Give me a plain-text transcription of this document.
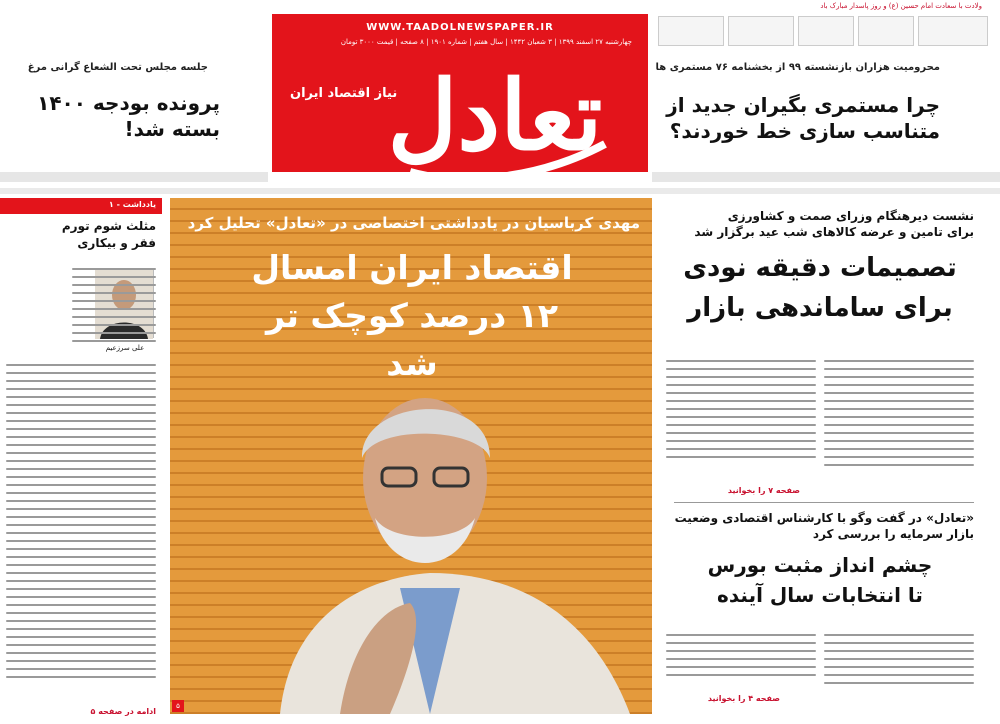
ولادت با سعادت امام حسین (ع) و روز پاسدار مبارک باد
محرومیت هزاران بازنشسته ۹۹ از بخشنامه ۷۶ مستمری ها
چرا مستمری بگیران جدید از
متناسب سازی خط خوردند؟
WWW.TAADOLNEWSPAPER.IR
چهارشنبه ۲۷ اسفند ۱۳۹۹ | ۳ شعبان ۱۴۴۲ | سال هفتم | شماره ۱۹۰۱ | ۸ صفحه | قیمت ۳۰۰۰ تومان
نیاز اقتصاد ایران
تعادل
جلسه مجلس تحت الشعاع گرانی مرغ
پرونده بودجه ۱۴۰۰
بسته شد!
یادداشت - ۱
مثلث شوم تورم
فقر و بیکاری
علی سرزعیم
ادامه در صفحه ۵
مهدی کرباسیان در یادداشتی اختصاصی در «تعادل» تحلیل کرد
اقتصاد ایران امسال
۱۲ درصد کوچک تر شد
۵
نشست دیرهنگام وزرای صمت و کشاورزی
برای تامین و عرضه کالاهای شب عید برگزار شد
تصمیمات دقیقه نودی
برای ساماندهی بازار
صفحه ۷ را بخوانید
«تعادل» در گفت وگو با کارشناس اقتصادی وضعیت
بازار سرمایه را بررسی کرد
چشم انداز مثبت بورس
تا انتخابات سال آینده
صفحه ۴ را بخوانید
